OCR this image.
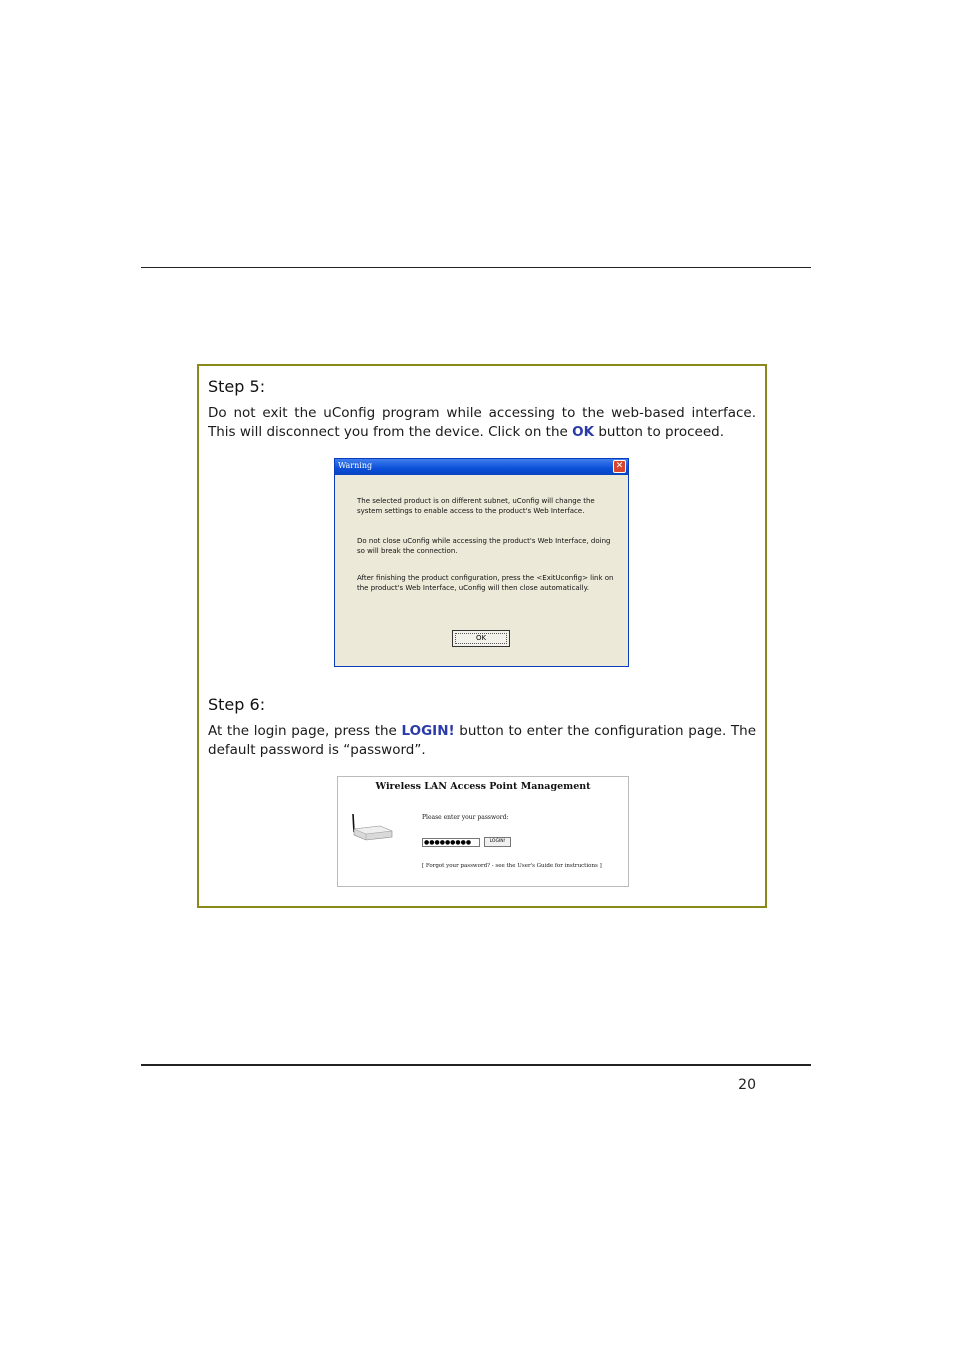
Step 5:
Do not exit the uConfig program while accessing to the web-based interface. This will disconnect you from the device. Click on the OK button to proceed.
Warning	✕
The selected product is on different subnet, uConfig will change the system settings to enable access to the product's Web Interface.
Do not close uConfig while accessing the product's Web Interface, doing so will break the connection.
After finishing the product configuration, press the <ExitUconfig> link on the product's Web Interface, uConfig will then close automatically.
OK
Step 6:
At the login page, press the LOGIN! button to enter the configuration page. The default password is “password”.
Wireless LAN Access Point Management
Please enter your password:
●●●●●●●●●	LOGIN!
[ Forgot your password? - see the User's Guide for instructions ]
20
